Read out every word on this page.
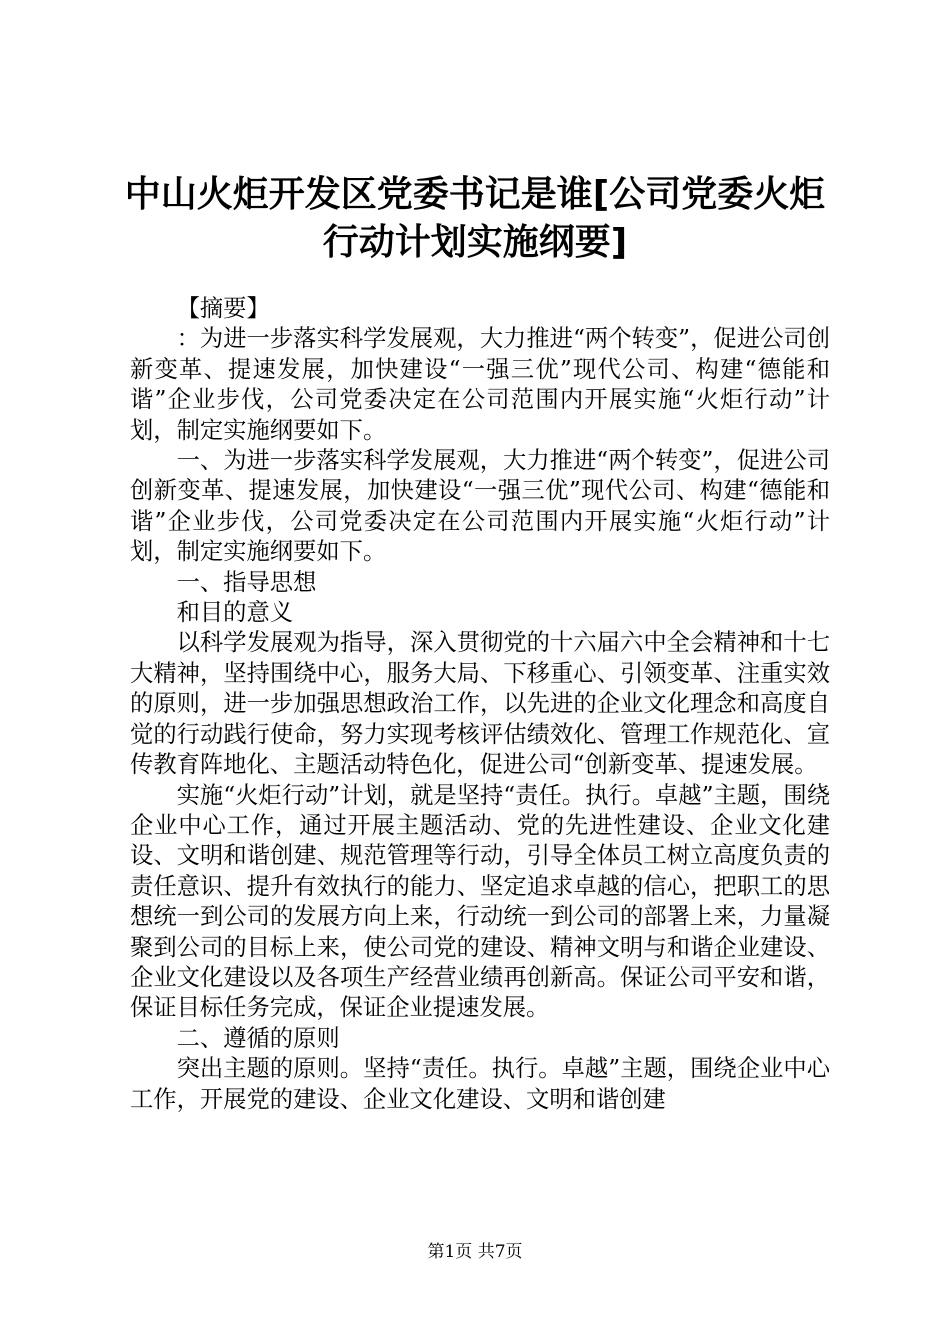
中山火炬开发区党委书记是谁[公司党委火炬
行动计划实施纲要]

【摘要】

：为进一步落实科学发展观，大力推进“两个转变”，促进公司创新变革、提速发展，加快建设“一强三优”现代公司、构建“德能和谐”企业步伐，公司党委决定在公司范围内开展实施“火炬行动”计划，制定实施纲要如下。

一、为进一步落实科学发展观，大力推进“两个转变”，促进公司创新变革、提速发展，加快建设“一强三优”现代公司、构建“德能和谐”企业步伐，公司党委决定在公司范围内开展实施“火炬行动”计划，制定实施纲要如下。

一、指导思想

和目的意义

以科学发展观为指导，深入贯彻党的十六届六中全会精神和十七大精神，坚持围绕中心，服务大局、下移重心、引领变革、注重实效的原则，进一步加强思想政治工作，以先进的企业文化理念和高度自觉的行动践行使命，努力实现考核评估绩效化、管理工作规范化、宣传教育阵地化、主题活动特色化，促进公司“创新变革、提速发展。

实施“火炬行动”计划，就是坚持“责任。执行。卓越”主题，围绕企业中心工作，通过开展主题活动、党的先进性建设、企业文化建设、文明和谐创建、规范管理等行动，引导全体员工树立高度负责的责任意识、提升有效执行的能力、坚定追求卓越的信心，把职工的思想统一到公司的发展方向上来，行动统一到公司的部署上来，力量凝聚到公司的目标上来，使公司党的建设、精神文明与和谐企业建设、企业文化建设以及各项生产经营业绩再创新高。保证公司平安和谐，保证目标任务完成，保证企业提速发展。

二、遵循的原则

突出主题的原则。坚持“责任。执行。卓越”主题，围绕企业中心工作，开展党的建设、企业文化建设、文明和谐创建

第1页 共7页
